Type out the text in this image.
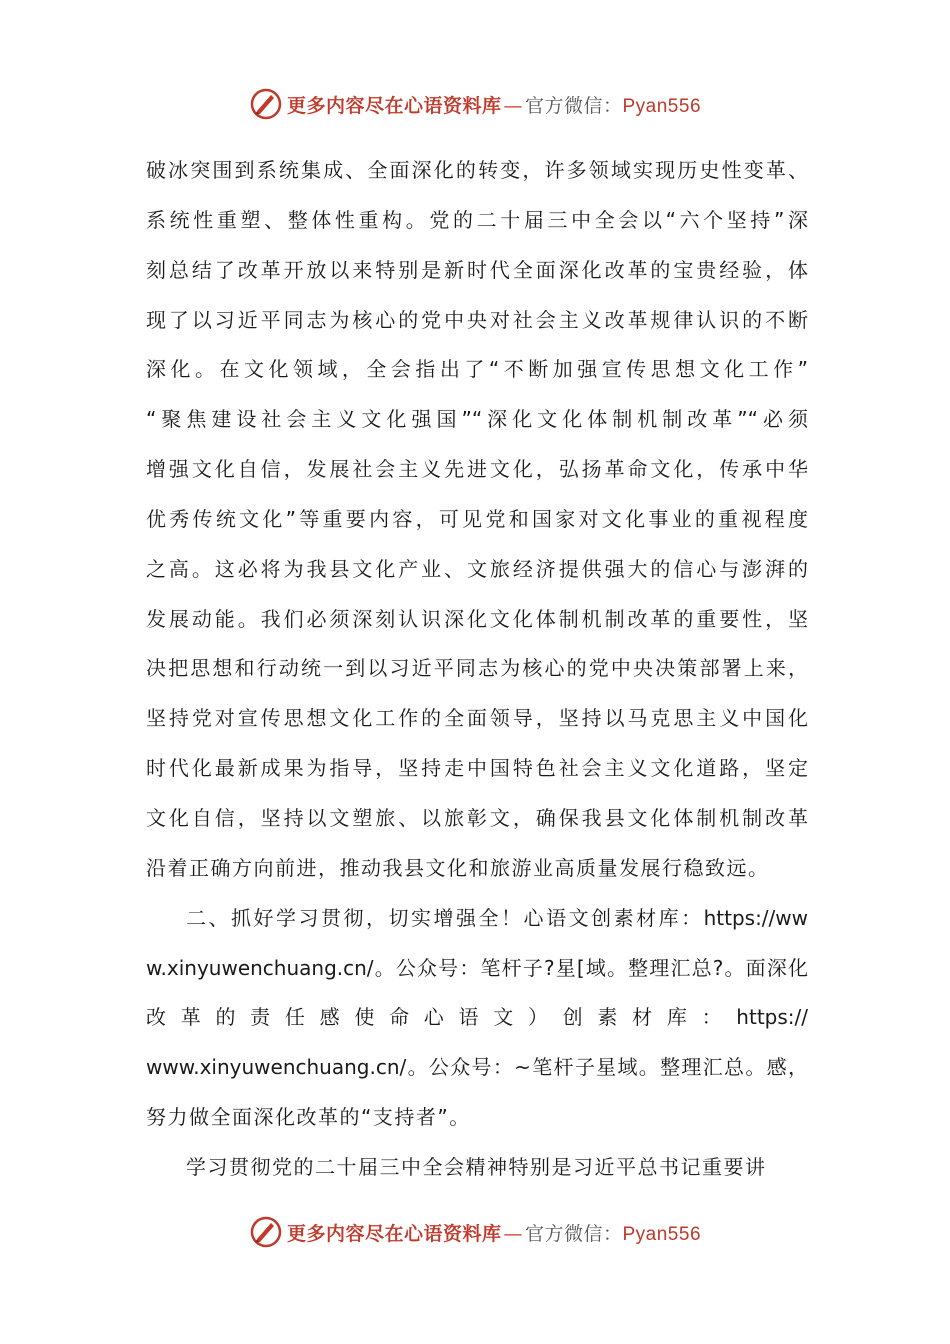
更多内容尽在心语资料库 — 官方微信：Pyan556
破冰突围到系统集成、全面深化的转变，许多领域实现历史性变革、
系统性重塑、整体性重构。党的二十届三中全会以“六个坚持”深
刻总结了改革开放以来特别是新时代全面深化改革的宝贵经验，体
现了以习近平同志为核心的党中央对社会主义改革规律认识的不断
深化。在文化领域，全会指出了“不断加强宣传思想文化工作”
“聚焦建设社会主义文化强国”“深化文化体制机制改革”“必须
增强文化自信，发展社会主义先进文化，弘扬革命文化，传承中华
优秀传统文化”等重要内容，可见党和国家对文化事业的重视程度
之高。这必将为我县文化产业、文旅经济提供强大的信心与澎湃的
发展动能。我们必须深刻认识深化文化体制机制改革的重要性，坚
决把思想和行动统一到以习近平同志为核心的党中央决策部署上来，
坚持党对宣传思想文化工作的全面领导，坚持以马克思主义中国化
时代化最新成果为指导，坚持走中国特色社会主义文化道路，坚定
文化自信，坚持以文塑旅、以旅彰文，确保我县文化体制机制改革
沿着正确方向前进，推动我县文化和旅游业高质量发展行稳致远。
二、抓好学习贯彻，切实增强全！心语文创素材库：https://ww
w.xinyuwenchuang.cn/。公众号：笔杆子?星[域。整理汇总?。面深化
改革的责任感使命心语文）创素材库：https://
www.xinyuwenchuang.cn/。公众号：~笔杆子星域。整理汇总。感，
努力做全面深化改革的“支持者”。
学习贯彻党的二十届三中全会精神特别是习近平总书记重要讲
更多内容尽在心语资料库 — 官方微信：Pyan556
